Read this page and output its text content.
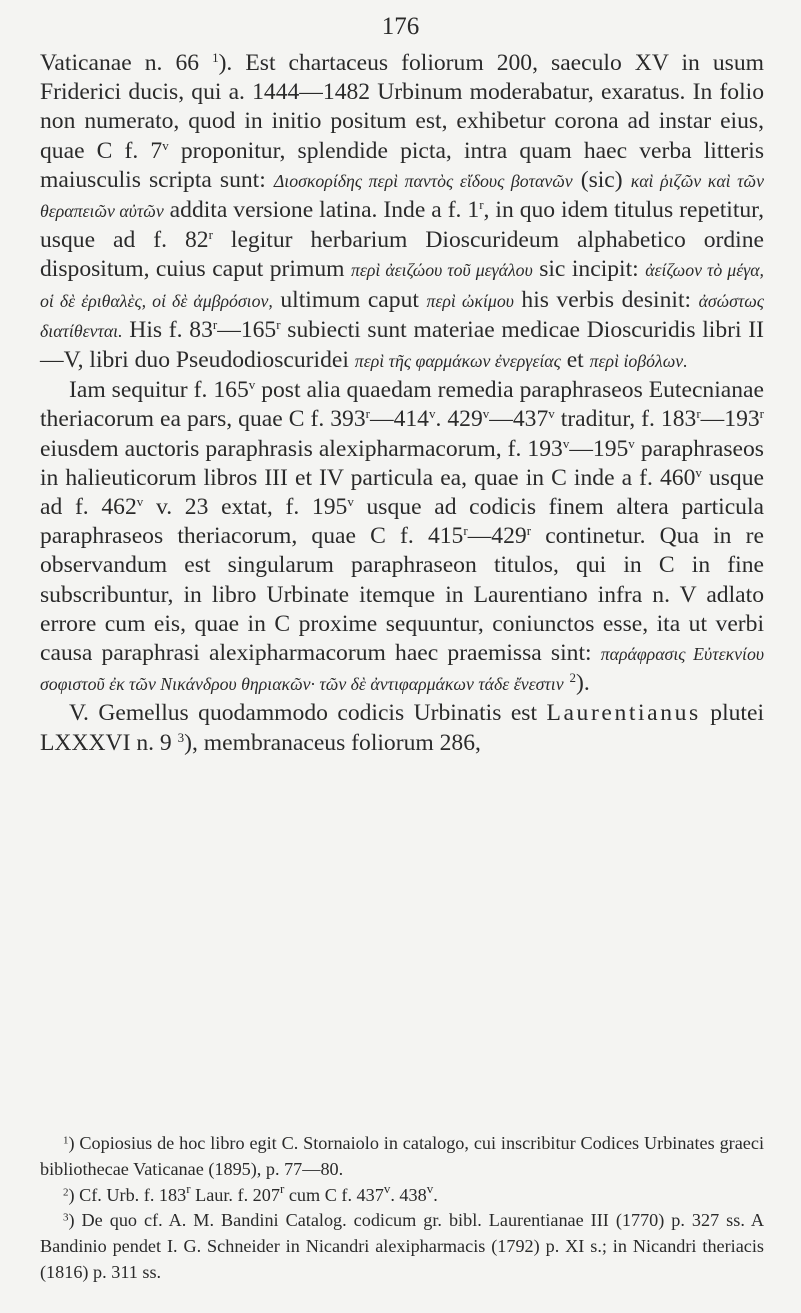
176

Vaticanae n. 66 $^1$). Est chartaceus foliorum 200, saeculo XV in usum Friderici ducis, qui a. 1444—1482 Urbinum moderabatur, exaratus. In folio non numerato, quod in initio positum est, exhibetur corona ad instar eius, quae C f. 7$^v$ proponitur, splendide picta, intra quam haec verba litteris maiusculis scripta sunt: Διοσκορίδης περὶ παντὸς εἴδους βοτανῶν (sic) καὶ ῥιζῶν καὶ τῶν θεραπειῶν αὐτῶν addita versione latina. Inde a f. 1$^r$, in quo idem titulus repetitur, usque ad f. 82$^r$ legitur herbarium Dioscurideum alphabetico ordine dispositum, cuius caput primum περὶ ἀειζώου τοῦ μεγάλου sic incipit: ἀείζωον τὸ μέγα, οἱ δὲ ἐριθαλὲς, οἱ δὲ ἀμβρόσιον, ultimum caput περὶ ὠκίμου his verbis desinit: ἀσώστως διατίθενται. His f. 83$^r$—165$^r$ subiecti sunt materiae medicae Dioscuridis libri II—V, libri duo Pseudodioscuridei περὶ τῆς φαρμάκων ἐνεργείας et περὶ ἰοβόλων.

Iam sequitur f. 165$^v$ post alia quaedam remedia paraphraseos Eutecnianae theriacorum ea pars, quae C f. 393$^r$—414$^v$. 429$^v$—437$^v$ traditur, f. 183$^r$—193$^r$ eiusdem auctoris paraphrasis alexipharmacorum, f. 193$^v$—195$^v$ paraphraseos in halieuticorum libros III et IV particula ea, quae in C inde a f. 460$^v$ usque ad f. 462$^v$ v. 23 extat, f. 195$^v$ usque ad codicis finem altera particula paraphraseos theriacorum, quae C f. 415$^r$—429$^r$ continetur. Qua in re observandum est singularum paraphraseon titulos, qui in C in fine subscribuntur, in libro Urbinate itemque in Laurentiano infra n. V adlato errore cum eis, quae in C proxime sequuntur, coniunctos esse, ita ut verbi causa paraphrasi alexipharmacorum haec praemissa sint: παράφρασις Εὐτεκνίου σοφιστοῦ ἐκ τῶν Νικάνδρου θηριακῶν· τῶν δὲ ἀντιφαρμάκων τάδε ἔνεστιν $^2$).

V. Gemellus quodammodo codicis Urbinatis est Laurentianus plutei LXXXVI n. 9 $^3$), membranaceus foliorum 286,

$^1$) Copiosius de hoc libro egit C. Stornaiolo in catalogo, cui inscribitur Codices Urbinates graeci bibliothecae Vaticanae (1895), p. 77—80.

$^2$) Cf. Urb. f. 183$^r$ Laur. f. 207$^r$ cum C f. 437$^v$. 438$^v$.

$^3$) De quo cf. A. M. Bandini Catalog. codicum gr. bibl. Laurentianae III (1770) p. 327 ss. A Bandinio pendet I. G. Schneider in Nicandri alexipharmacis (1792) p. XI s.; in Nicandri theriacis (1816) p. 311 ss.
